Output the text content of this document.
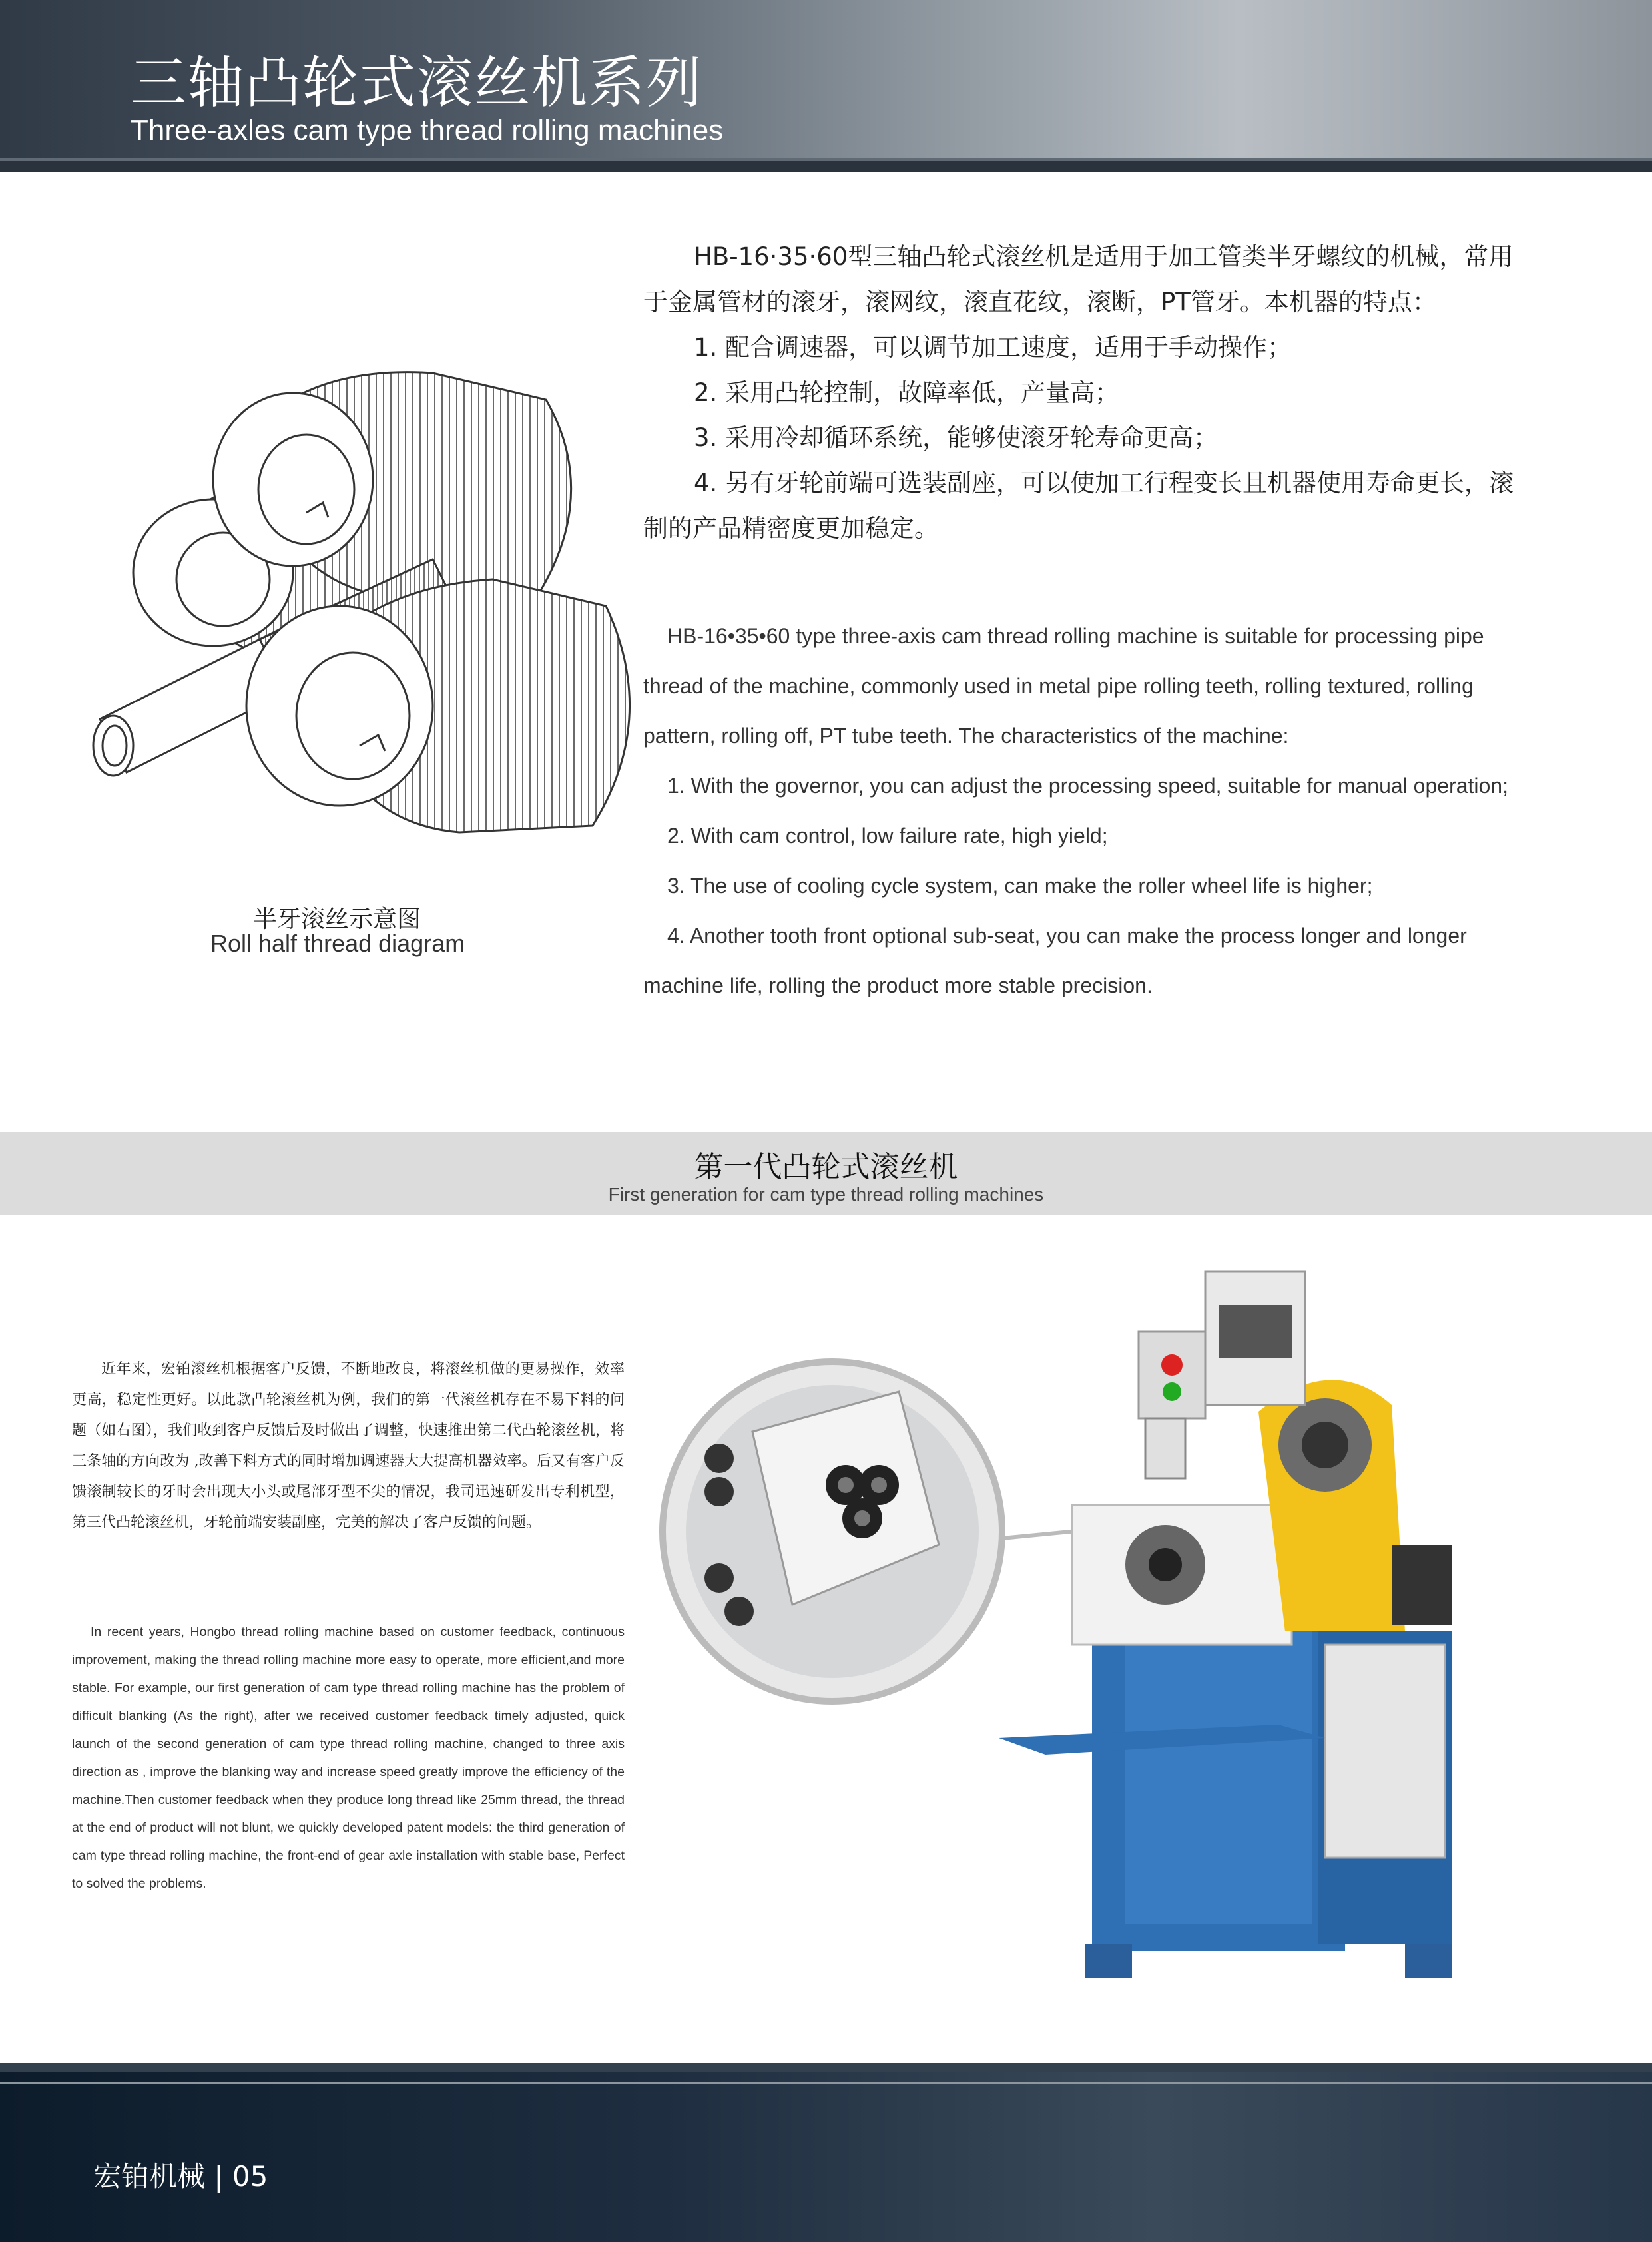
三轴凸轮式滚丝机系列
Three-axles cam type thread rolling machines
半牙滚丝示意图
Roll half thread diagram

HB-16·35·60型三轴凸轮式滚丝机是适用于加工管类半牙螺纹的机械，常用于金属管材的滚牙，滚网纹，滚直花纹，滚断，PT管牙。本机器的特点：

1. 配合调速器，可以调节加工速度，适用于手动操作；

2. 采用凸轮控制，故障率低，产量高；

3. 采用冷却循环系统，能够使滚牙轮寿命更高；

4. 另有牙轮前端可选装副座，可以使加工行程变长且机器使用寿命更长，滚制的产品精密度更加稳定。

HB-16•35•60 type three-axis cam thread rolling machine is suitable for processing pipe thread of the machine, commonly used in metal pipe rolling teeth, rolling textured, rolling pattern, rolling off, PT tube teeth. The characteristics of the machine:

1. With the governor, you can adjust the processing speed, suitable for manual operation;

2. With cam control, low failure rate, high yield;

3. The use of cooling cycle system, can make the roller wheel life is higher;

4. Another tooth front optional sub-seat, you can make the process longer and longer machine life, rolling the product more stable precision.

第一代凸轮式滚丝机
First generation for cam type thread rolling machines

近年来，宏铂滚丝机根据客户反馈，不断地改良，将滚丝机做的更易操作，效率更高，稳定性更好。以此款凸轮滚丝机为例，我们的第一代滚丝机存在不易下料的问题（如右图），我们收到客户反馈后及时做出了调整，快速推出第二代凸轮滚丝机，将三条轴的方向改为 ,改善下料方式的同时增加调速器大大提高机器效率。后又有客户反馈滚制较长的牙时会出现大小头或尾部牙型不尖的情况，我司迅速研发出专利机型，第三代凸轮滚丝机，牙轮前端安装副座，完美的解决了客户反馈的问题。

In recent years, Hongbo thread rolling machine based on customer feedback, continuous improvement, making the thread rolling machine more easy to operate, more efficient,and more stable. For example, our first generation of cam type thread rolling machine has the problem of difficult blanking (As the right), after we received customer feedback timely adjusted, quick launch of the second generation of cam type thread rolling machine, changed to three axis direction as , improve the blanking way and increase speed greatly improve the efficiency of the machine.Then customer feedback when they produce long thread like 25mm thread, the thread at the end of product will not blunt, we quickly developed patent models: the third generation of cam type thread rolling machine, the front-end of gear axle installation with stable base, Perfect to solved the problems.

宏铂机械 | 05
